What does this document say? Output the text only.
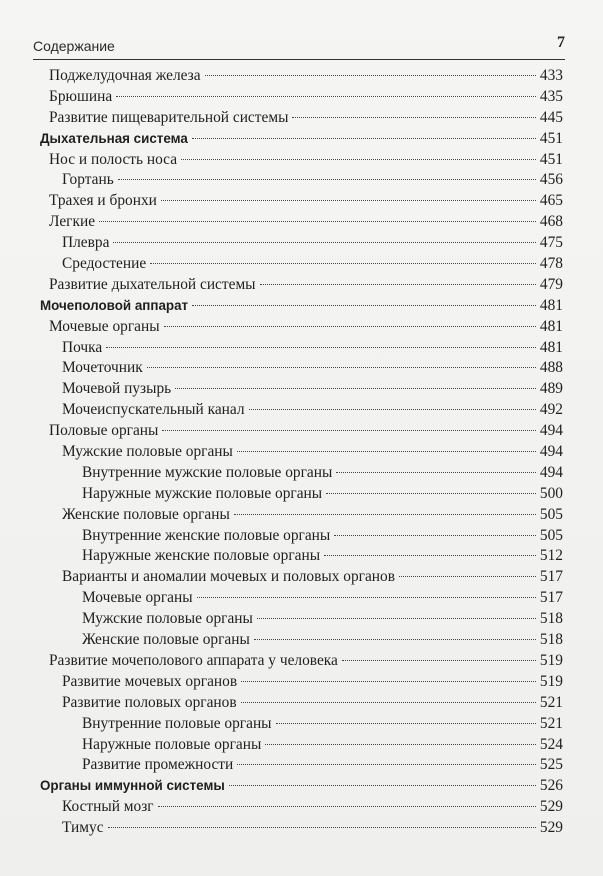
Содержание	7
Поджелудочная железа	433
Брюшина	435
Развитие пищеварительной системы	445
Дыхательная система	451
Нос и полость носа	451
Гортань	456
Трахея и бронхи	465
Легкие	468
Плевра	475
Средостение	478
Развитие дыхательной системы	479
Мочеполовой аппарат	481
Мочевые органы	481
Почка	481
Мочеточник	488
Мочевой пузырь	489
Мочеиспускательный канал	492
Половые органы	494
Мужские половые органы	494
Внутренние мужские половые органы	494
Наружные мужские половые органы	500
Женские половые органы	505
Внутренние женские половые органы	505
Наружные женские половые органы	512
Варианты и аномалии мочевых и половых органов	517
Мочевые органы	517
Мужские половые органы	518
Женские половые органы	518
Развитие мочеполового аппарата у человека	519
Развитие мочевых органов	519
Развитие половых органов	521
Внутренние половые органы	521
Наружные половые органы	524
Развитие промежности	525
Органы иммунной системы	526
Костный мозг	529
Тимус	529
